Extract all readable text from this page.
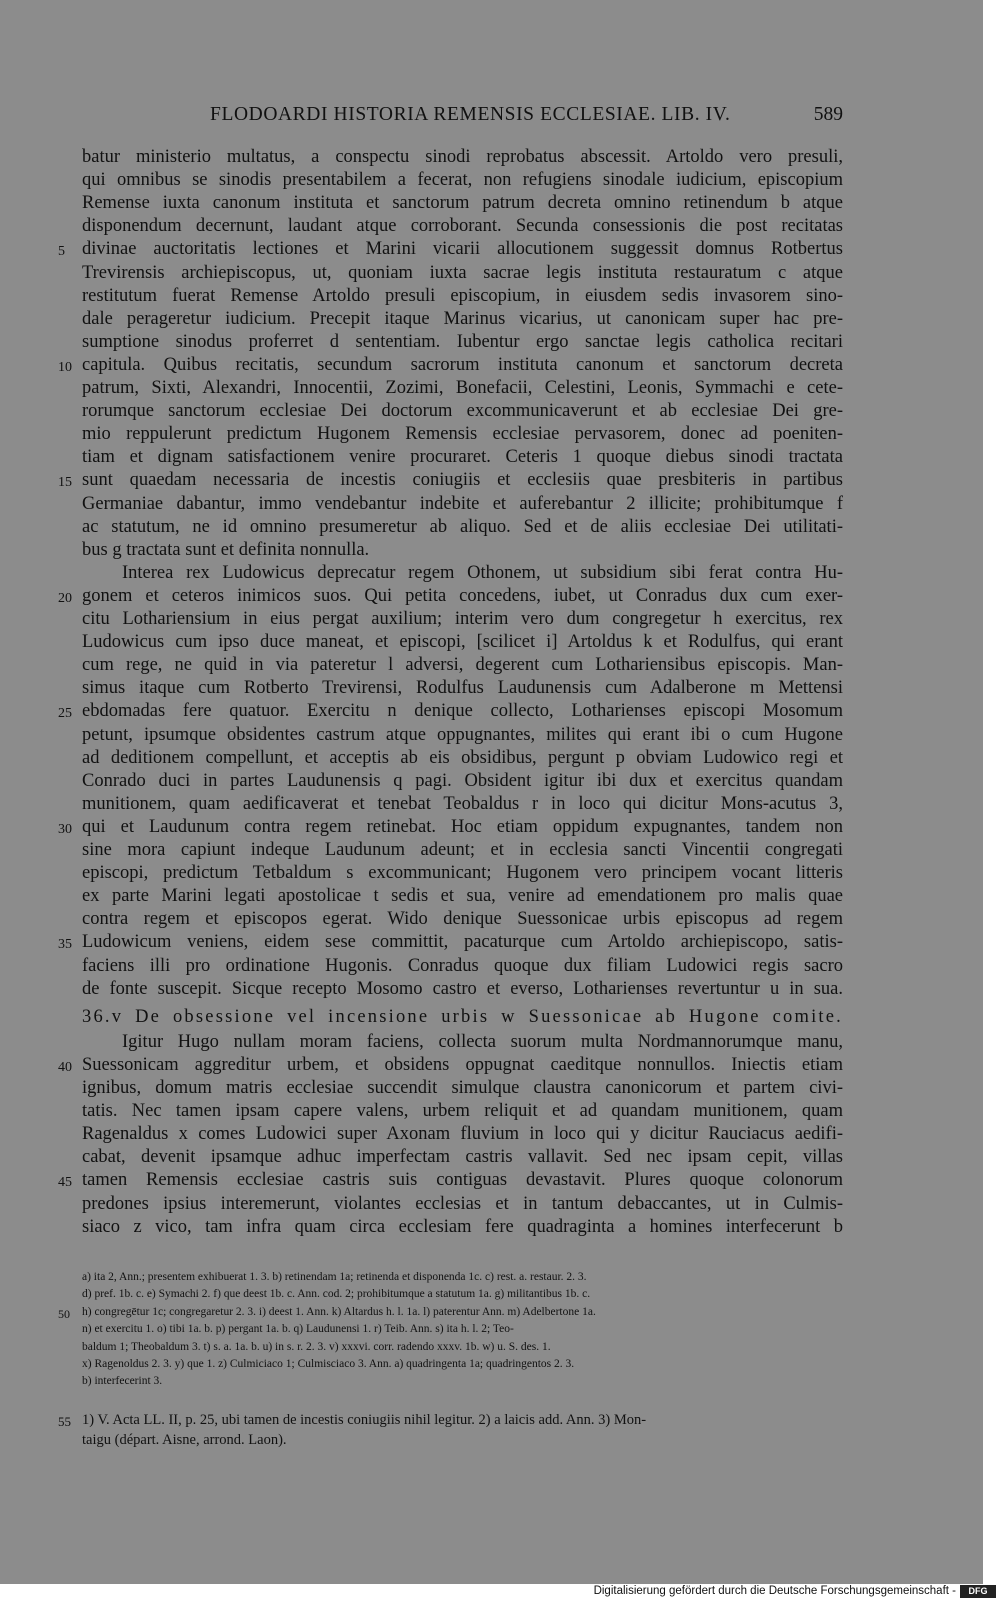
FLODOARDI HISTORIA REMENSIS ECCLESIAE. LIB. IV.	589
batur ministerio multatus, a conspectu sinodi reprobatus abscessit. Artoldo vero presuli,
qui omnibus se sinodis presentabilem a fecerat, non refugiens sinodale iudicium, episcopium
Remense iuxta canonum instituta et sanctorum patrum decreta omnino retinendum b atque
disponendum decernunt, laudant atque corroborant. Secunda consessionis die post recitatas
5 divinae auctoritatis lectiones et Marini vicarii allocutionem suggessit domnus Rotbertus
Trevirensis archiepiscopus, ut, quoniam iuxta sacrae legis instituta restauratum c atque
restitutum fuerat Remense Artoldo presuli episcopium, in eiusdem sedis invasorem sino-
dale perageretur iudicium. Precepit itaque Marinus vicarius, ut canonicam super hac pre-
sumptione sinodus proferret d sententiam. Iubentur ergo sanctae legis catholica recitari
10 capitula. Quibus recitatis, secundum sacrorum instituta canonum et sanctorum decreta
patrum, Sixti, Alexandri, Innocentii, Zozimi, Bonefacii, Celestini, Leonis, Symmachi e cete-
rorumque sanctorum ecclesiae Dei doctorum excommunicaverunt et ab ecclesiae Dei gre-
mio reppulerunt predictum Hugonem Remensis ecclesiae pervasorem, donec ad poeniten-
tiam et dignam satisfactionem venire procuraret. Ceteris 1 quoque diebus sinodi tractata
15 sunt quaedam necessaria de incestis coniugiis et ecclesiis quae presbiteris in partibus
Germaniae dabantur, immo vendebantur indebite et auferebantur 2 illicite; prohibitumque f
ac statutum, ne id omnino presumeretur ab aliquo. Sed et de aliis ecclesiae Dei utilitati-
bus g tractata sunt et definita nonnulla.
Interea rex Ludowicus deprecatur regem Othonem, ut subsidium sibi ferat contra Hu-
20 gonem et ceteros inimicos suos. Qui petita concedens, iubet, ut Conradus dux cum exer-
citu Lothariensium in eius pergat auxilium; interim vero dum congregetur h exercitus, rex
Ludowicus cum ipso duce maneat, et episcopi, [scilicet i] Artoldus k et Rodulfus, qui erant
cum rege, ne quid in via pateretur l adversi, degerent cum Lothariensibus episcopis. Man-
simus itaque cum Rotberto Trevirensi, Rodulfus Laudunensis cum Adalberone m Mettensi
25 ebdomadas fere quatuor. Exercitu n denique collecto, Lotharienses episcopi Mosomum
petunt, ipsumque obsidentes castrum atque oppugnantes, milites qui erant ibi o cum Hugone
ad deditionem compellunt, et acceptis ab eis obsidibus, pergunt p obviam Ludowico regi et
Conrado duci in partes Laudunensis q pagi. Obsident igitur ibi dux et exercitus quandam
munitionem, quam aedificaverat et tenebat Teobaldus r in loco qui dicitur Mons-acutus 3,
30 qui et Laudunum contra regem retinebat. Hoc etiam oppidum expugnantes, tandem non
sine mora capiunt indeque Laudunum adeunt; et in ecclesia sancti Vincentii congregati
episcopi, predictum Tetbaldum s excommunicant; Hugonem vero principem vocant litteris
ex parte Marini legati apostolicae t sedis et sua, venire ad emendationem pro malis quae
contra regem et episcopos egerat. Wido denique Suessonicae urbis episcopus ad regem
35 Ludowicum veniens, eidem sese committit, pacaturque cum Artoldo archiepiscopo, satis-
faciens illi pro ordinatione Hugonis. Conradus quoque dux filiam Ludowici regis sacro
de fonte suscepit. Sicque recepto Mosomo castro et everso, Lotharienses revertuntur u in sua.
36.v De obsessione vel incensione urbis w Suessonicae ab Hugone comite.
Igitur Hugo nullam moram faciens, collecta suorum multa Nordmannorumque manu,
40 Suessonicam aggreditur urbem, et obsidens oppugnat caeditque nonnullos. Iniectis etiam
ignibus, domum matris ecclesiae succendit simulque claustra canonicorum et partem civi-
tatis. Nec tamen ipsam capere valens, urbem reliquit et ad quandam munitionem, quam
Ragenaldus x comes Ludowici super Axonam fluvium in loco qui y dicitur Rauciacus aedifi-
cabat, devenit ipsamque adhuc imperfectam castris vallavit. Sed nec ipsam cepit, villas
45 tamen Remensis ecclesiae castris suis contiguas devastavit. Plures quoque colonorum
predones ipsius interemerunt, violantes ecclesias et in tantum debaccantes, ut in Culmis-
siaco z vico, tam infra quam circa ecclesiam fere quadraginta a homines interfecerunt b
a) ita 2, Ann.; presentem exhibuerat 1. 3. b) retinendam 1a; retinenda et disponenda 1c. c) rest. a. restaur. 2. 3.
d) pref. 1b. c. e) Symachi 2. f) que deest 1b. c. Ann. cod. 2; prohibitumque a statutum 1a. g) militantibus 1b. c.
50 h) congregētur 1c; congregaretur 2. 3. i) deest 1. Ann. k) Altardus h. l. 1a. l) paterentur Ann. m) Adelbertone 1a.
n) et exercitu 1. o) tibi 1a. b. p) pergant 1a. b. q) Laudunensi 1. r) Teib. Ann. s) ita h. l. 2; Teo-
baldum 1; Theobaldum 3. t) s. a. 1a. b. u) in s. r. 2. 3. v) xxxvi. corr. radendo xxxv. 1b. w) u. S. des. 1.
x) Ragenoldus 2. 3. y) que 1. z) Culmiciaco 1; Culmisciaco 3. Ann. a) quadringenta 1a; quadringentos 2. 3.
b) interfecerint 3.
55 1) V. Acta LL. II, p. 25, ubi tamen de incestis coniugiis nihil legitur. 2) a laicis add. Ann. 3) Mon-
taigu (départ. Aisne, arrond. Laon).
Digitalisierung gefördert durch die Deutsche Forschungsgemeinschaft -	DFG
